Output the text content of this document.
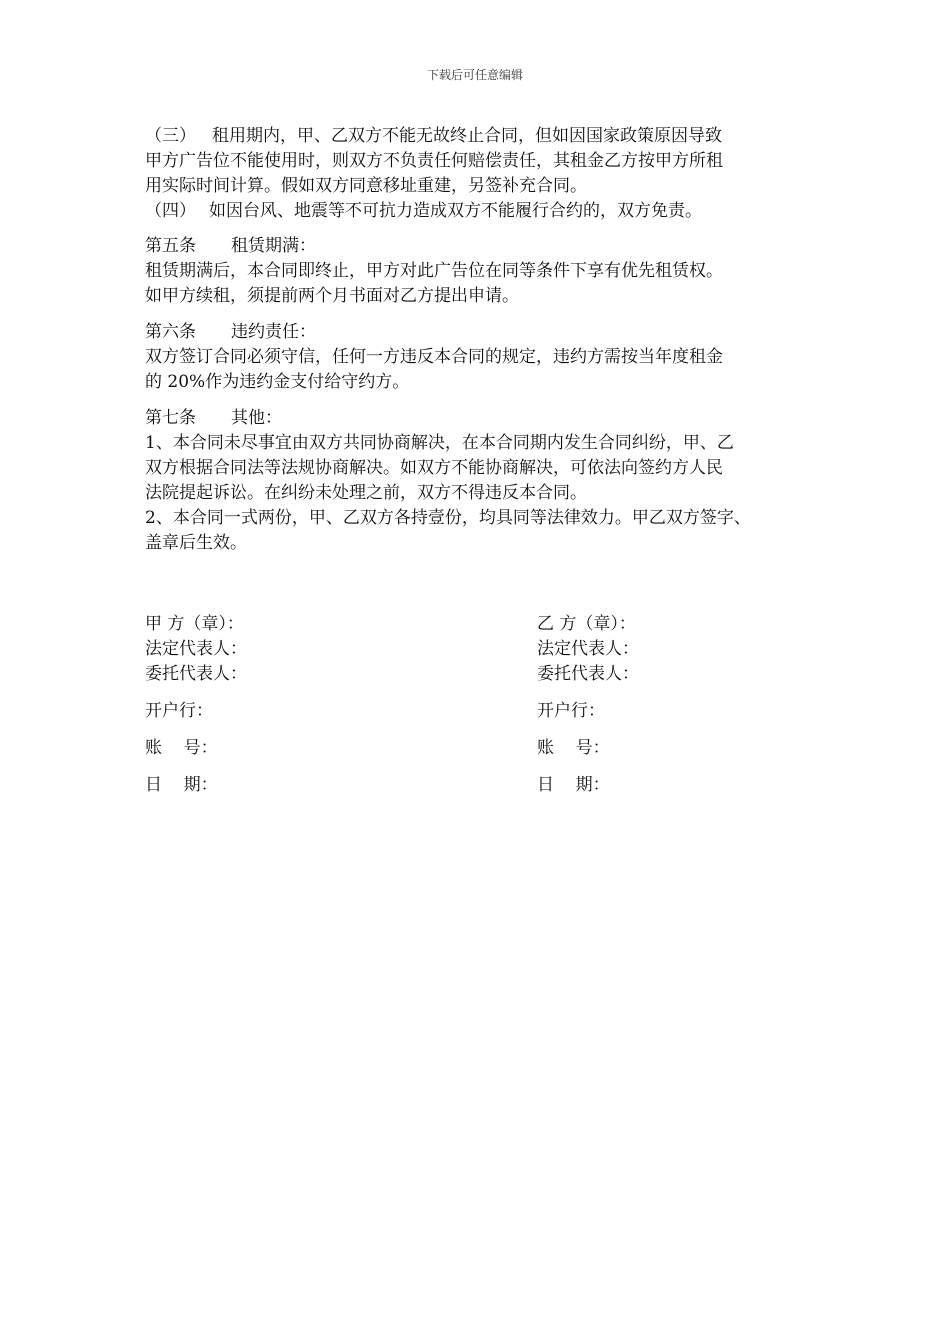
下载后可任意编辑
（三） 租用期内，甲、乙双方不能无故终止合同，但如因国家政策原因导致
甲方广告位不能使用时，则双方不负责任何赔偿责任，其租金乙方按甲方所租
用实际时间计算。假如双方同意移址重建，另签补充合同。
（四） 如因台风、地震等不可抗力造成双方不能履行合约的，双方免责。
第五条 租赁期满：
租赁期满后，本合同即终止，甲方对此广告位在同等条件下享有优先租赁权。
如甲方续租，须提前两个月书面对乙方提出申请。
第六条 违约责任：
双方签订合同必须守信，任何一方违反本合同的规定，违约方需按当年度租金
的 20%作为违约金支付给守约方。
第七条 其他：
1、本合同未尽事宜由双方共同协商解决，在本合同期内发生合同纠纷，甲、乙
双方根据合同法等法规协商解决。如双方不能协商解决，可依法向签约方人民
法院提起诉讼。在纠纷未处理之前，双方不得违反本合同。
2、本合同一式两份，甲、乙双方各持壹份，均具同等法律效力。甲乙双方签字、
盖章后生效。
甲 方（章）：
法定代表人：
委托代表人：
开户行：
账    号：
日    期：
乙 方（章）：
法定代表人：
委托代表人：
开户行：
账    号：
日    期：
